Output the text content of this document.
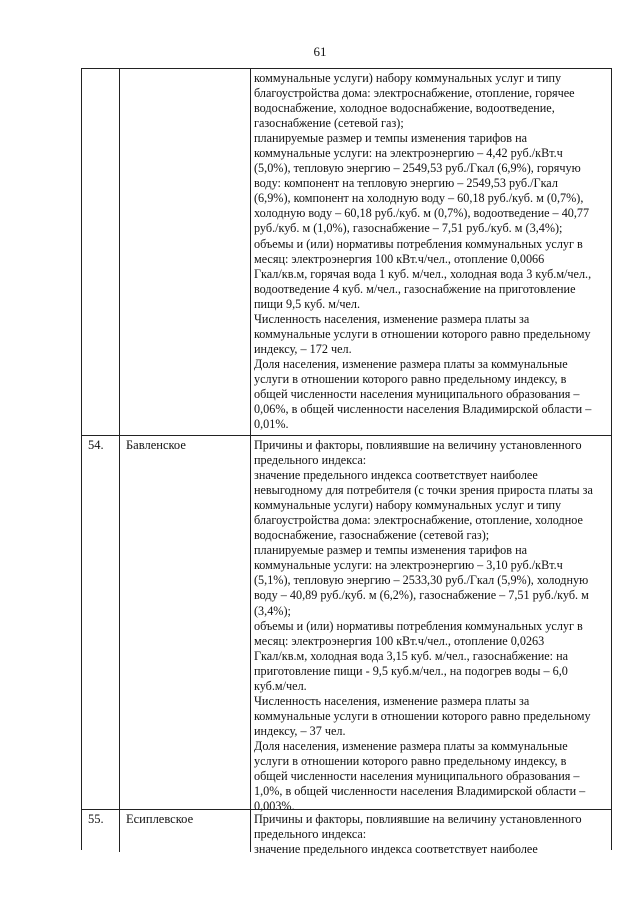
61

коммунальные услуги) набору коммунальных услуг и типу

благоустройства дома: электроснабжение, отопление, горячее

водоснабжение, холодное водоснабжение, водоотведение,

газоснабжение (сетевой газ);

планируемые размер и темпы изменения тарифов на

коммунальные услуги: на электроэнергию – 4,42 руб./кВт.ч

(5,0%), тепловую энергию – 2549,53 руб./Гкал (6,9%), горячую

воду: компонент на тепловую энергию – 2549,53 руб./Гкал

(6,9%), компонент на холодную воду – 60,18 руб./куб. м (0,7%),

холодную воду – 60,18 руб./куб. м (0,7%), водоотведение – 40,77

руб./куб. м (1,0%), газоснабжение – 7,51 руб./куб. м (3,4%);

объемы и (или) нормативы потребления коммунальных услуг в

месяц: электроэнергия 100 кВт.ч/чел., отопление 0,0066

Гкал/кв.м, горячая вода 1 куб. м/чел., холодная вода 3 куб.м/чел.,

водоотведение 4 куб. м/чел., газоснабжение на приготовление

пищи 9,5 куб. м/чел.

Численность населения, изменение размера платы за

коммунальные услуги в отношении которого равно предельному

индексу, – 172 чел.

Доля населения, изменение размера платы за коммунальные

услуги в отношении которого равно предельному индексу, в

общей численности населения муниципального образования –

0,06%, в общей численности населения Владимирской области –

0,01%.

54. Бавленское	Причины и факторы, повлиявшие на величину установленного

предельного индекса:

значение предельного индекса соответствует наиболее

невыгодному для потребителя (с точки зрения прироста платы за

коммунальные услуги) набору коммунальных услуг и типу

благоустройства дома: электроснабжение, отопление, холодное

водоснабжение, газоснабжение (сетевой газ);

планируемые размер и темпы изменения тарифов на

коммунальные услуги: на электроэнергию – 3,10 руб./кВт.ч

(5,1%), тепловую энергию – 2533,30 руб./Гкал (5,9%), холодную

воду – 40,89 руб./куб. м (6,2%), газоснабжение – 7,51 руб./куб. м

(3,4%);

объемы и (или) нормативы потребления коммунальных услуг в

месяц: электроэнергия 100 кВт.ч/чел., отопление 0,0263

Гкал/кв.м, холодная вода 3,15 куб. м/чел., газоснабжение: на

приготовление пищи - 9,5 куб.м/чел., на подогрев воды – 6,0

куб.м/чел.

Численность населения, изменение размера платы за

коммунальные услуги в отношении которого равно предельному

индексу, – 37 чел.

Доля населения, изменение размера платы за коммунальные

услуги в отношении которого равно предельному индексу, в

общей численности населения муниципального образования –

1,0%, в общей численности населения Владимирской области –

0,003%.

55. Есиплевское	Причины и факторы, повлиявшие на величину установленного

предельного индекса:

значение предельного индекса соответствует наиболее
